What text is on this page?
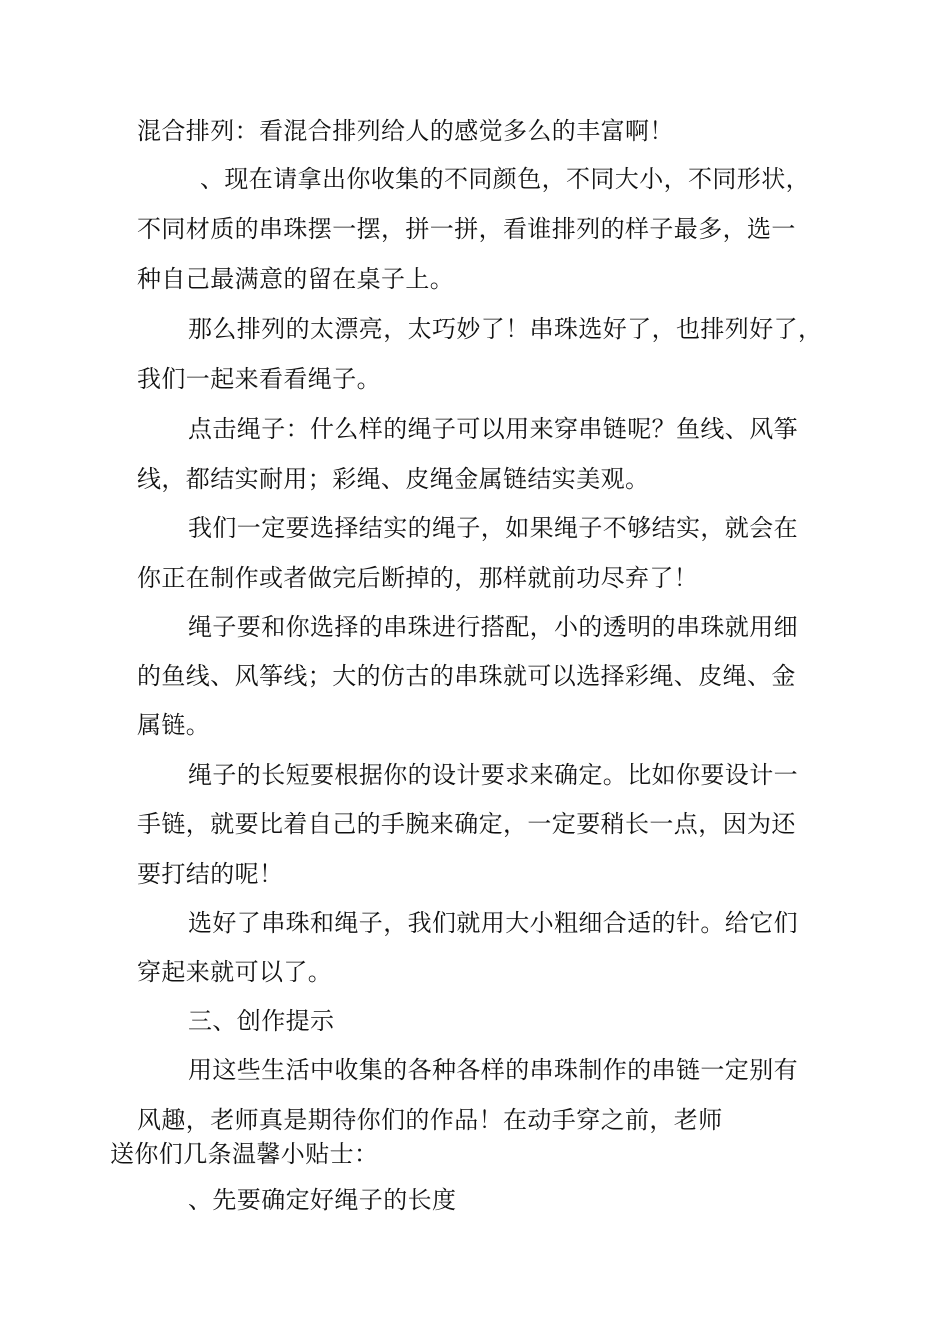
混合排列：看混合排列给人的感觉多么的丰富啊！
、现在请拿出你收集的不同颜色，不同大小，不同形状，
不同材质的串珠摆一摆，拼一拼，看谁排列的样子最多，选一
种自己最满意的留在桌子上。
那么排列的太漂亮，太巧妙了！串珠选好了，也排列好了，
我们一起来看看绳子。
点击绳子：什么样的绳子可以用来穿串链呢？鱼线、风筝
线，都结实耐用；彩绳、皮绳金属链结实美观。
我们一定要选择结实的绳子，如果绳子不够结实，就会在
你正在制作或者做完后断掉的，那样就前功尽弃了！
绳子要和你选择的串珠进行搭配，小的透明的串珠就用细
的鱼线、风筝线；大的仿古的串珠就可以选择彩绳、皮绳、金
属链。
绳子的长短要根据你的设计要求来确定。比如你要设计一
手链，就要比着自己的手腕来确定，一定要稍长一点，因为还
要打结的呢！
选好了串珠和绳子，我们就用大小粗细合适的针。给它们
穿起来就可以了。
三、创作提示
用这些生活中收集的各种各样的串珠制作的串链一定别有
风趣，老师真是期待你们的作品！在动手穿之前，老师
送你们几条温馨小贴士：
、先要确定好绳子的长度
